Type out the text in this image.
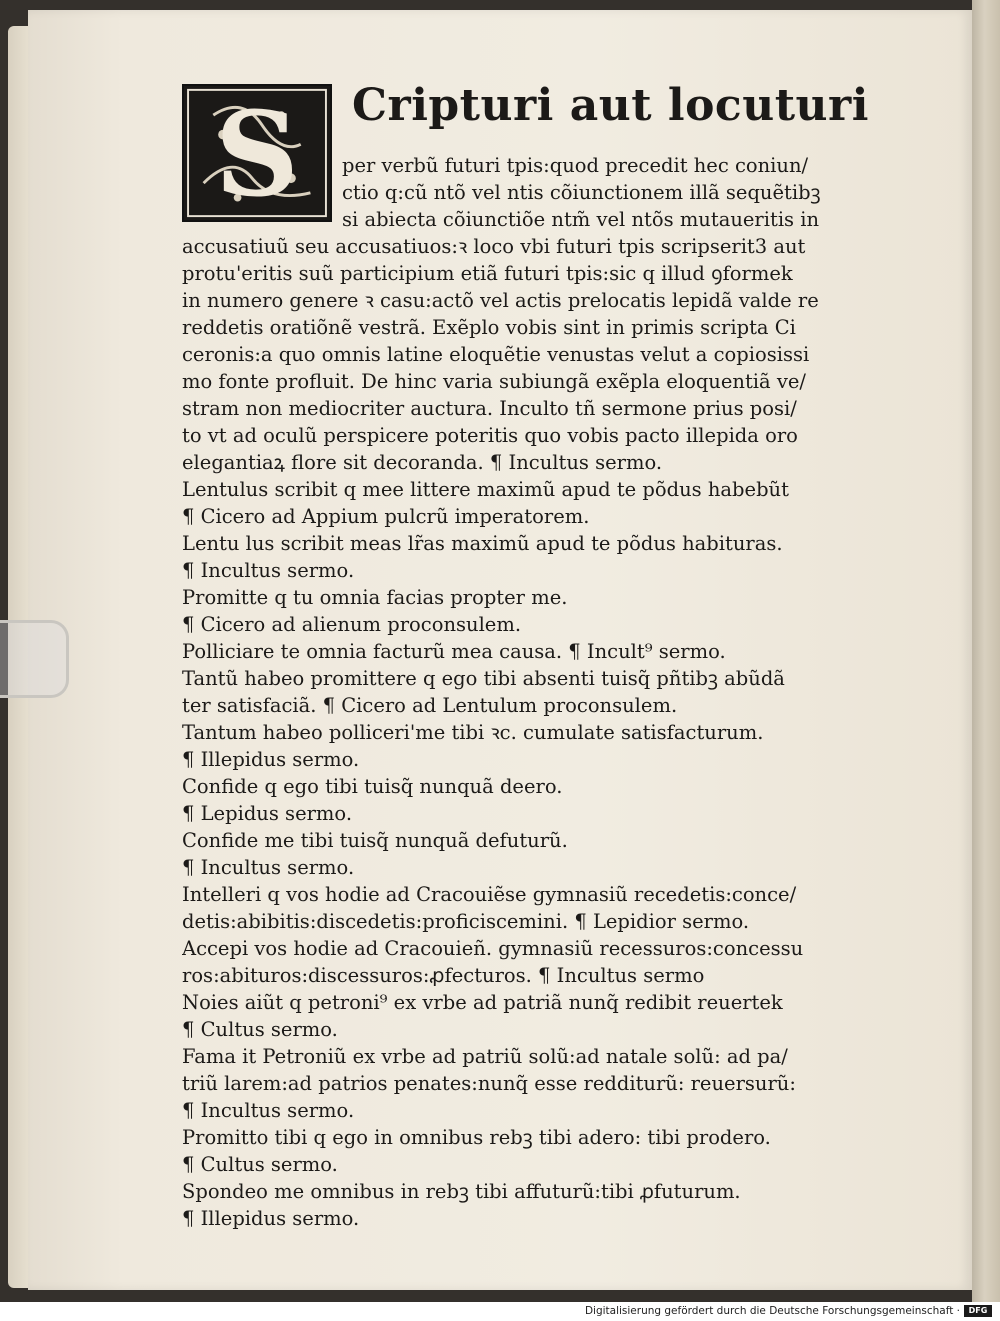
S Cripturi aut locuturi
per verbũ futuri tpis:quod precedit hec coniun/
ctio q:cũ ntõ vel ntis cõiunctionem illã sequẽtibꝫ
si abiecta cõiunctiõe ntm̃ vel ntõs mutaueritis in
accusatiuũ seu accusatiuos:ꝛ loco vbi futuri tpis scripserit3 aut
protu'eritis suũ participium etiã futuri tpis:sic q illud ꝯformek
in numero genere ꝛ casu:actõ vel actis prelocatis lepidã valde re
reddetis oratiõnẽ vestrã. Exẽplo vobis sint in primis scripta Ci
ceronis:a quo omnis latine eloquẽtie venustas velut a copiosissi
mo fonte profluit. De hinc varia subiungã exẽpla eloquentiã ve/
stram non mediocriter auctura. Inculto tñ sermone prius posi/
to vt ad oculũ perspicere poteritis quo vobis pacto illepida oro
elegantiaꝝ flore sit decoranda. ¶ Incultus sermo.
Lentulus scribit q mee littere maximũ apud te põdus habebũt
¶ Cicero ad Appium pulcrũ imperatorem.
Lentu lus scribit meas lr̃as maximũ apud te põdus habituras.
¶ Incultus sermo.
Promitte q tu omnia facias propter me.
¶ Cicero ad alienum proconsulem.
Polliciare te omnia facturũ mea causa. ¶ Incult⁹ sermo.
Tantũ habeo promittere q ego tibi absenti tuisq̃ pñtibꝫ abũdã
ter satisfaciã. ¶ Cicero ad Lentulum proconsulem.
Tantum habeo polliceri'me tibi ꝛc. cumulate satisfacturum.
¶ Illepidus sermo.
Confide q ego tibi tuisq̃ nunquã deero.
¶ Lepidus sermo.
Confide me tibi tuisq̃ nunquã defuturũ.
¶ Incultus sermo.
Intelleri q vos hodie ad Cracouiẽse gymnasiũ recedetis:conce/
detis:abibitis:discedetis:proficiscemini. ¶ Lepidior sermo.
Accepi vos hodie ad Cracouieñ. gymnasiũ recessuros:concessu
ros:abituros:discessuros:ꝓfecturos. ¶ Incultus sermo
Noies aiũt q petroni⁹ ex vrbe ad patriã nunq̃ redibit reuertek
¶ Cultus sermo.
Fama it Petroniũ ex vrbe ad patriũ solũ:ad natale solũ: ad pa/
triũ larem:ad patrios penates:nunq̃ esse redditurũ: reuersurũ:
¶ Incultus sermo.
Promitto tibi q ego in omnibus rebꝫ tibi adero: tibi prodero.
¶ Cultus sermo.
Spondeo me omnibus in rebꝫ tibi affuturũ:tibi ꝓfuturum.
¶ Illepidus sermo.
Digitalisierung gefördert durch die Deutsche Forschungsgemeinschaft ·	DFG
